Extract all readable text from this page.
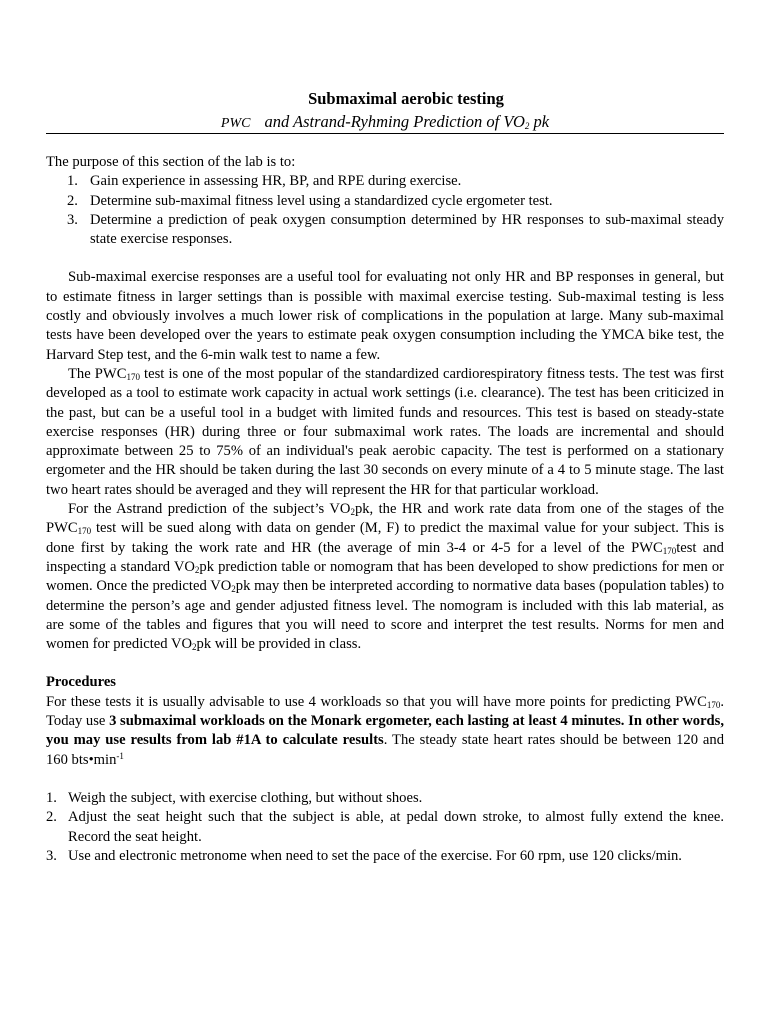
Submaximal aerobic testing
PWC and Astrand-Ryhming Prediction of $VO_2$ pk

The purpose of this section of the lab is to:

1. Gain experience in assessing HR, BP, and RPE during exercise.
2. Determine sub-maximal fitness level using a standardized cycle ergometer test.
3. Determine a prediction of peak oxygen consumption determined by HR responses to sub-maximal steady state exercise responses.

Sub-maximal exercise responses are a useful tool for evaluating not only HR and BP responses in general, but to estimate fitness in larger settings than is possible with maximal exercise testing. Sub-maximal testing is less costly and obviously involves a much lower risk of complications in the population at large. Many sub-maximal tests have been developed over the years to estimate peak oxygen consumption including the YMCA bike test, the Harvard Step test, and the 6-min walk test to name a few.

The $PWC_{170}$ test is one of the most popular of the standardized cardiorespiratory fitness tests. The test was first developed as a tool to estimate work capacity in actual work settings (i.e. clearance). The test has been criticized in the past, but can be a useful tool in a budget with limited funds and resources. This test is based on steady-state exercise responses (HR) during three or four submaximal work rates. The loads are incremental and should approximate between 25 to 75% of an individual's peak aerobic capacity. The test is performed on a stationary ergometer and the HR should be taken during the last 30 seconds on every minute of a 4 to 5 minute stage. The last two heart rates should be averaged and they will represent the HR for that particular workload.

For the Astrand prediction of the subject’s $VO_2pk$, the HR and work rate data from one of the stages of the $PWC_{170}$ test will be sued along with data on gender (M, F) to predict the maximal value for your subject. This is done first by taking the work rate and HR (the average of min 3-4 or 4-5 for a level of the $PWC_{170}test$ and inspecting a standard $VO_2pk$ prediction table or nomogram that has been developed to show predictions for men or women. Once the predicted $VO_2pk$ may then be interpreted according to normative data bases (population tables) to determine the person’s age and gender adjusted fitness level. The nomogram is included with this lab material, as are some of the tables and figures that you will need to score and interpret the test results. Norms for men and women for predicted $VO_2pk$ will be provided in class.

Procedures

For these tests it is usually advisable to use 4 workloads so that you will have more points for predicting $PWC_{170}$. Today use 3 submaximal workloads on the Monark ergometer, each lasting at least 4 minutes. In other words, you may use results from lab #1A to calculate results. The steady state heart rates should be between 120 and 160 $bts•\min^{-1}$

1. Weigh the subject, with exercise clothing, but without shoes.
2. Adjust the seat height such that the subject is able, at pedal down stroke, to almost fully extend the knee. Record the seat height.
3. Use and electronic metronome when need to set the pace of the exercise. For 60 rpm, use 120 clicks/min.
